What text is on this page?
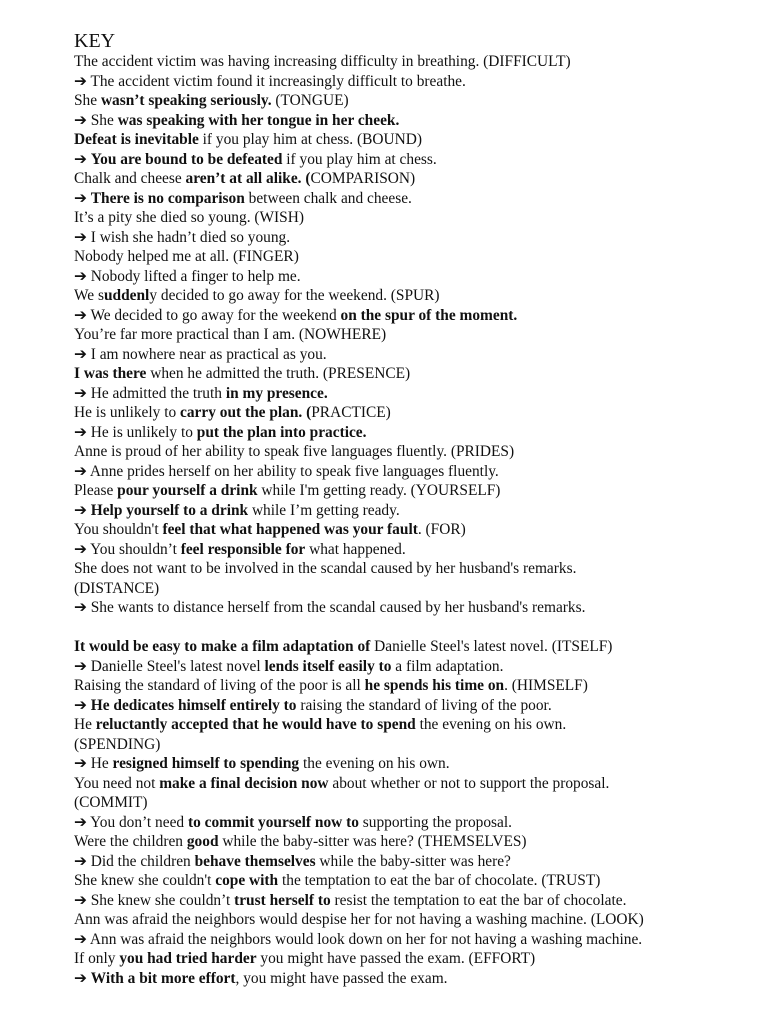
KEY
The accident victim was having increasing difficulty in breathing. (DIFFICULT)
➔ The accident victim found it increasingly difficult to breathe.
She wasn’t speaking seriously. (TONGUE)
➔ She was speaking with her tongue in her cheek.
Defeat is inevitable if you play him at chess. (BOUND)
➔ You are bound to be defeated if you play him at chess.
Chalk and cheese aren’t at all alike. (COMPARISON)
➔ There is no comparison between chalk and cheese.
It’s a pity she died so young. (WISH)
➔ I wish she hadn’t died so young.
Nobody helped me at all. (FINGER)
➔ Nobody lifted a finger to help me.
We suddenly decided to go away for the weekend. (SPUR)
➔ We decided to go away for the weekend on the spur of the moment.
You’re far more practical than I am. (NOWHERE)
➔ I am nowhere near as practical as you.
I was there when he admitted the truth. (PRESENCE)
➔ He admitted the truth in my presence.
He is unlikely to carry out the plan. (PRACTICE)
➔ He is unlikely to put the plan into practice.
Anne is proud of her ability to speak five languages fluently. (PRIDES)
➔ Anne prides herself on her ability to speak five languages fluently.
Please pour yourself a drink while I'm getting ready. (YOURSELF)
➔ Help yourself to a drink while I’m getting ready.
You shouldn't feel that what happened was your fault. (FOR)
➔ You shouldn’t feel responsible for what happened.
She does not want to be involved in the scandal caused by her husband's remarks.
(DISTANCE)
➔ She wants to distance herself from the scandal caused by her husband's remarks.
It would be easy to make a film adaptation of Danielle Steel's latest novel. (ITSELF)
➔ Danielle Steel's latest novel lends itself easily to a film adaptation.
Raising the standard of living of the poor is all he spends his time on. (HIMSELF)
➔ He dedicates himself entirely to raising the standard of living of the poor.
He reluctantly accepted that he would have to spend the evening on his own.
(SPENDING)
➔ He resigned himself to spending the evening on his own.
You need not make a final decision now about whether or not to support the proposal.
(COMMIT)
➔ You don’t need to commit yourself now to supporting the proposal.
Were the children good while the baby-sitter was here? (THEMSELVES)
➔ Did the children behave themselves while the baby-sitter was here?
She knew she couldn't cope with the temptation to eat the bar of chocolate. (TRUST)
➔ She knew she couldn’t trust herself to resist the temptation to eat the bar of chocolate.
Ann was afraid the neighbors would despise her for not having a washing machine. (LOOK)
➔ Ann was afraid the neighbors would look down on her for not having a washing machine.
If only you had tried harder you might have passed the exam. (EFFORT)
➔ With a bit more effort, you might have passed the exam.
